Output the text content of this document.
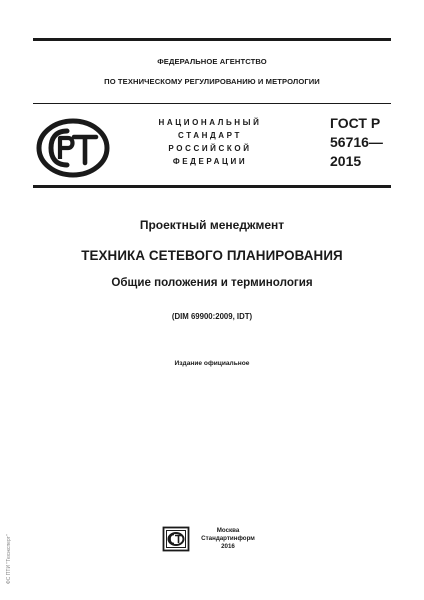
ФЕДЕРАЛЬНОЕ АГЕНТСТВО

ПО ТЕХНИЧЕСКОМУ РЕГУЛИРОВАНИЮ И МЕТРОЛОГИИ

НАЦИОНАЛЬНЫЙ

СТАНДАРТ

РОССИЙСКОЙ

ФЕДЕРАЦИИ

ГОСТ Р

56716—

2015

Проектный менеджмент

ТЕХНИКА СЕТЕВОГО ПЛАНИРОВАНИЯ

Общие положения и терминология

(DIM 69900:2009, IDT)

Издание официальное

Москва

Стандартинформ

2016

ФС ПТИ "Техэксперт"
